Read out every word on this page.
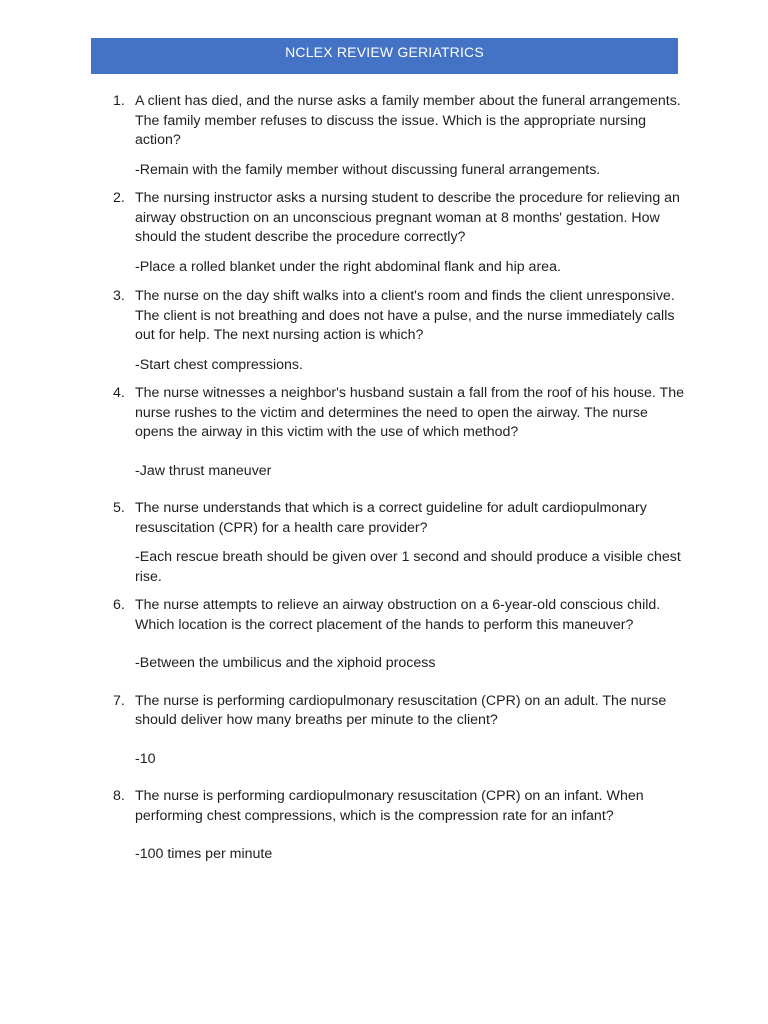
NCLEX REVIEW GERIATRICS
1. A client has died, and the nurse asks a family member about the funeral arrangements. The family member refuses to discuss the issue. Which is the appropriate nursing action?

-Remain with the family member without discussing funeral arrangements.

2. The nursing instructor asks a nursing student to describe the procedure for relieving an airway obstruction on an unconscious pregnant woman at 8 months' gestation. How should the student describe the procedure correctly?

-Place a rolled blanket under the right abdominal flank and hip area.

3. The nurse on the day shift walks into a client's room and finds the client unresponsive. The client is not breathing and does not have a pulse, and the nurse immediately calls out for help. The next nursing action is which?

-Start chest compressions.

4. The nurse witnesses a neighbor's husband sustain a fall from the roof of his house. The nurse rushes to the victim and determines the need to open the airway. The nurse opens the airway in this victim with the use of which method?

-Jaw thrust maneuver

5. The nurse understands that which is a correct guideline for adult cardiopulmonary resuscitation (CPR) for a health care provider?

-Each rescue breath should be given over 1 second and should produce a visible chest rise.

6. The nurse attempts to relieve an airway obstruction on a 6-year-old conscious child. Which location is the correct placement of the hands to perform this maneuver?

-Between the umbilicus and the xiphoid process

7. The nurse is performing cardiopulmonary resuscitation (CPR) on an adult. The nurse should deliver how many breaths per minute to the client?

-10

8. The nurse is performing cardiopulmonary resuscitation (CPR) on an infant. When performing chest compressions, which is the compression rate for an infant?

-100 times per minute
